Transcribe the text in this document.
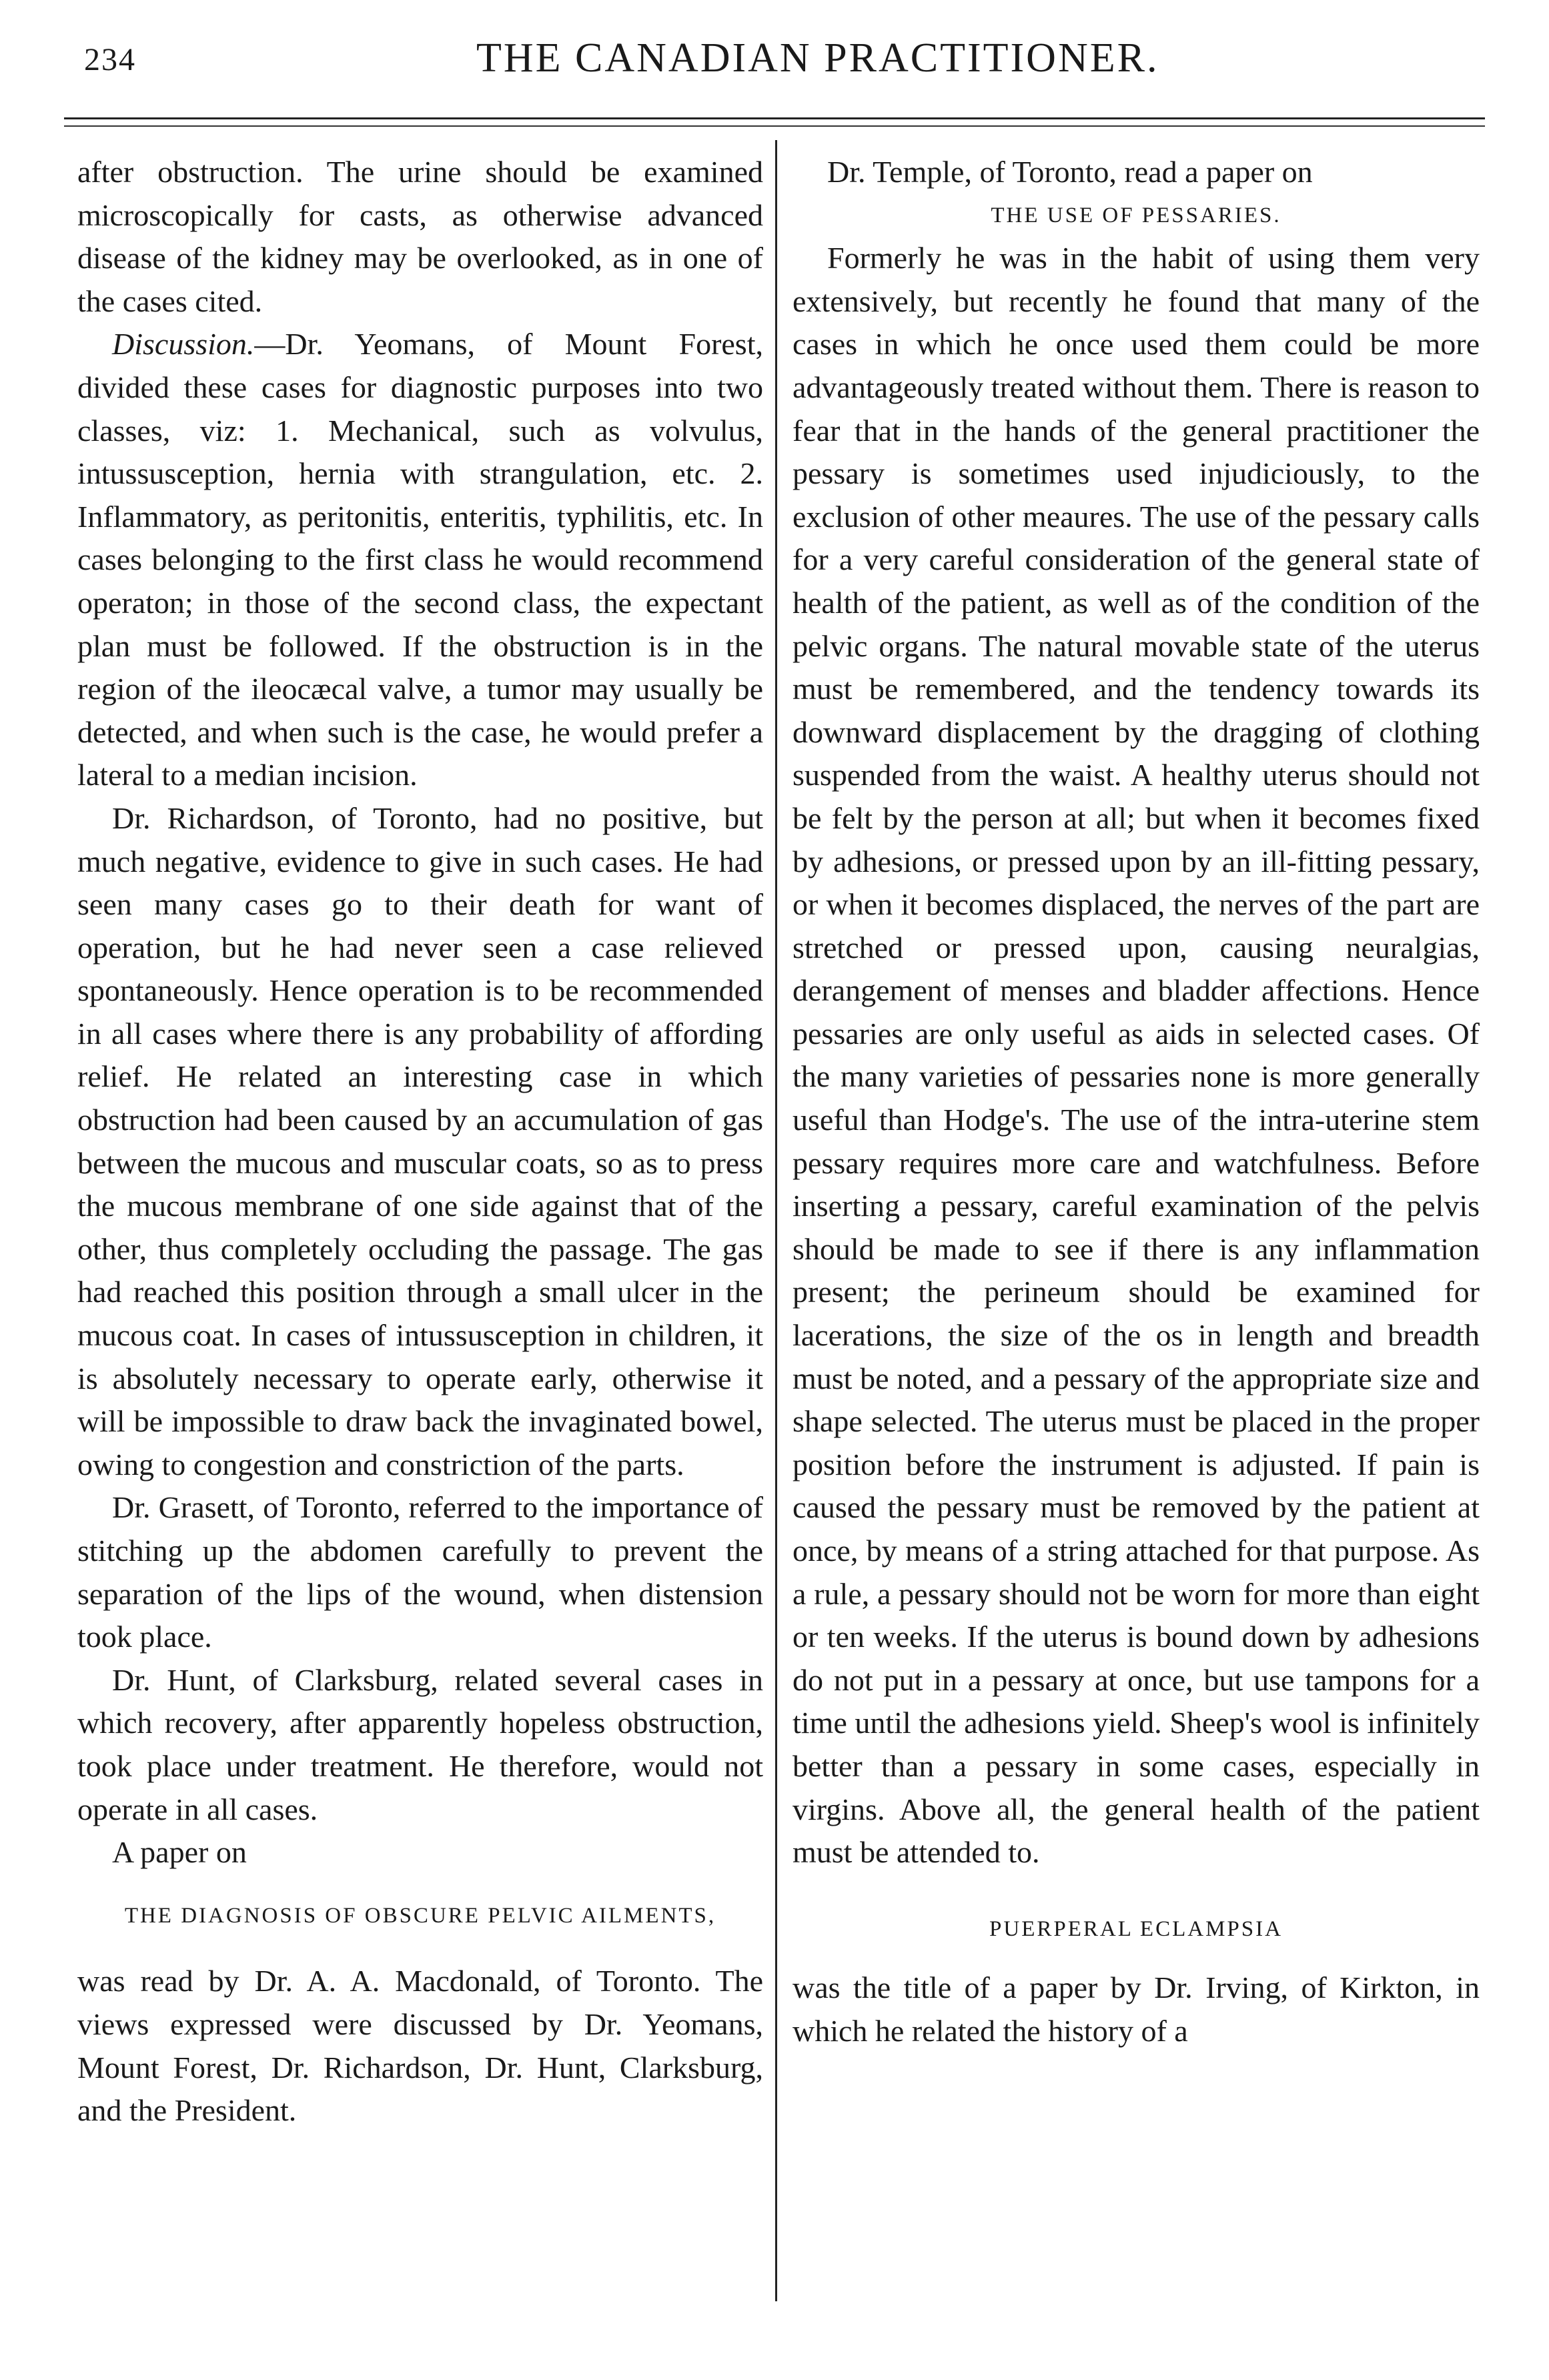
234	THE CANADIAN PRACTITIONER.

after obstruction. The urine should be examined microscopically for casts, as otherwise advanced disease of the kidney may be overlooked, as in one of the cases cited.

Discussion.—Dr. Yeomans, of Mount Forest, divided these cases for diagnostic purposes into two classes, viz: 1. Mechanical, such as volvulus, intussusception, hernia with strangulation, etc. 2. Inflammatory, as peritonitis, enteritis, typhilitis, etc. In cases belonging to the first class he would recommend operaton; in those of the second class, the expectant plan must be followed. If the obstruction is in the region of the ileocæcal valve, a tumor may usually be detected, and when such is the case, he would prefer a lateral to a median incision.

Dr. Richardson, of Toronto, had no positive, but much negative, evidence to give in such cases. He had seen many cases go to their death for want of operation, but he had never seen a case relieved spontaneously. Hence operation is to be recommended in all cases where there is any probability of affording relief. He related an interesting case in which obstruction had been caused by an accumulation of gas between the mucous and muscular coats, so as to press the mucous membrane of one side against that of the other, thus completely occluding the passage. The gas had reached this position through a small ulcer in the mucous coat. In cases of intussusception in children, it is absolutely necessary to operate early, otherwise it will be impossible to draw back the invaginated bowel, owing to congestion and constriction of the parts.

Dr. Grasett, of Toronto, referred to the importance of stitching up the abdomen carefully to prevent the separation of the lips of the wound, when distension took place.

Dr. Hunt, of Clarksburg, related several cases in which recovery, after apparently hopeless obstruction, took place under treatment. He therefore, would not operate in all cases.

A paper on

THE DIAGNOSIS OF OBSCURE PELVIC AILMENTS,

was read by Dr. A. A. Macdonald, of Toronto. The views expressed were discussed by Dr. Yeomans, Mount Forest, Dr. Richardson, Dr. Hunt, Clarksburg, and the President.

Dr. Temple, of Toronto, read a paper on

THE USE OF PESSARIES.

Formerly he was in the habit of using them very extensively, but recently he found that many of the cases in which he once used them could be more advantageously treated without them. There is reason to fear that in the hands of the general practitioner the pessary is sometimes used injudiciously, to the exclusion of other meaures. The use of the pessary calls for a very careful consideration of the general state of health of the patient, as well as of the condition of the pelvic organs. The natural movable state of the uterus must be remembered, and the tendency towards its downward displacement by the dragging of clothing suspended from the waist. A healthy uterus should not be felt by the person at all; but when it becomes fixed by adhesions, or pressed upon by an ill-fitting pessary, or when it becomes displaced, the nerves of the part are stretched or pressed upon, causing neuralgias, derangement of menses and bladder affections. Hence pessaries are only useful as aids in selected cases. Of the many varieties of pessaries none is more generally useful than Hodge's. The use of the intra-uterine stem pessary requires more care and watchfulness. Before inserting a pessary, careful examination of the pelvis should be made to see if there is any inflammation present; the perineum should be examined for lacerations, the size of the os in length and breadth must be noted, and a pessary of the appropriate size and shape selected. The uterus must be placed in the proper position before the instrument is adjusted. If pain is caused the pessary must be removed by the patient at once, by means of a string attached for that purpose. As a rule, a pessary should not be worn for more than eight or ten weeks. If the uterus is bound down by adhesions do not put in a pessary at once, but use tampons for a time until the adhesions yield. Sheep's wool is infinitely better than a pessary in some cases, especially in virgins. Above all, the general health of the patient must be attended to.

PUERPERAL ECLAMPSIA

was the title of a paper by Dr. Irving, of Kirkton, in which he related the history of a
